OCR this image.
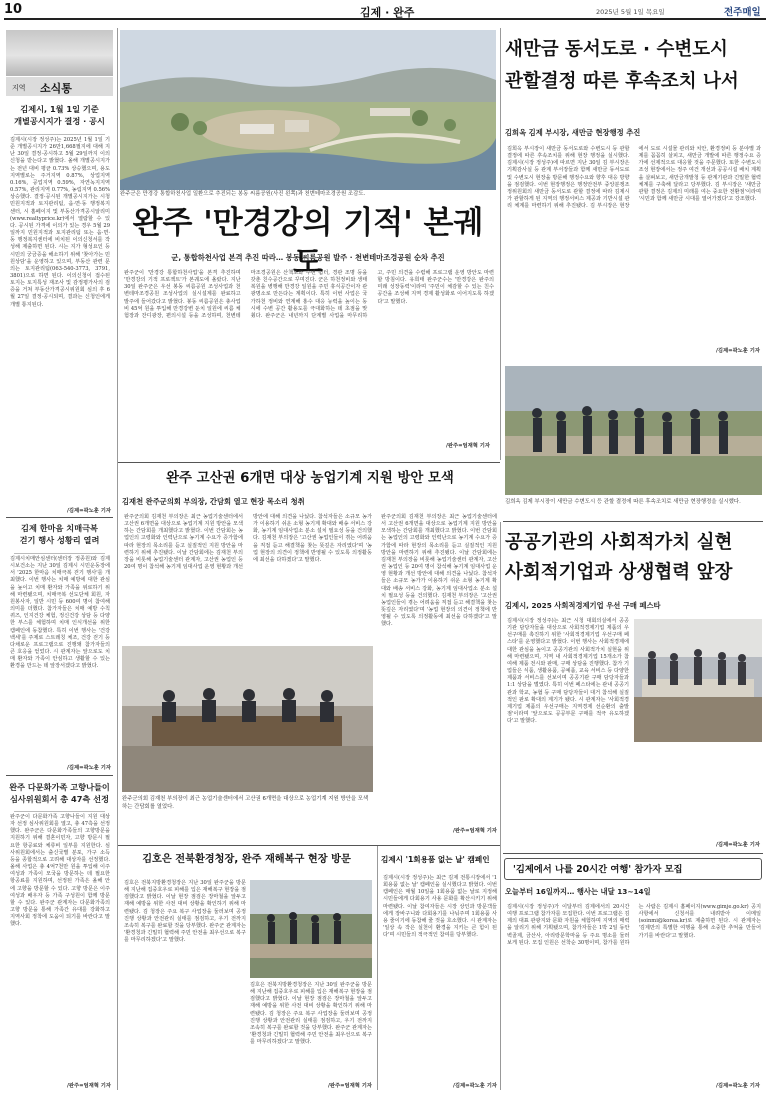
10	김제 · 완주	2025년 5월 1일 목요일	전주매일
지역 소식통
김제시, 1월 1일 기준
개별공시지가 결정 · 공시
김제시(시장 정성주)는 2025년 1월 1일 기준 개별공시지가 26만1,668필지에 대해 지난 30일 결정·공시하고 5월 29일까지 이의신청을 받는다고 밝혔다. 올해 개별공시지가는 전년 대비 평균 0.73% 상승했으며, 용도지역별로는 주거지역 0.87%, 상업지역 0.16%, 공업지역 0.59%, 자연녹지지역 0.57%, 관리지역 0.77%, 농림지역 0.56% 상승했다. 결정·공시된 개별공시지가는 시청 민원지적과 토지관리팀, 읍·면·동 행정복지센터, 시 홈페이지 및 부동산가격공시알리미(www.realtyprice.kr)에서 열람할 수 있다. 공시된 가격에 이의가 있는 경우 5월 29일까지 민원지적과 토지관리팀 또는 읍·면·동 행정복지센터에 비치된 이의신청서를 작성해 제출하면 된다. 시는 지가 형성요인 등 시민의 궁금증을 해소하기 위해 '찾아가는 민원상담'을 운영하고 있으며, 부동산 관련 문의는 토지관리팀(063-540-3773, 3791, 3801)으로 하면 된다. 이의신청이 접수된 토지는 토지특성 재조사 및 감정평가사의 검증을 거쳐 부동산가격공시위원회 심의 후 6월 27일 결정·공시되며, 결과는 신청인에게 개별 통지된다.
/김제=곽노훈 기자
김제 한마음 치매극복
걷기 행사 성황리 열려
김제시치매안심센터(센터장 정종원)와 김제시보건소는 지난 30일 김제시 시민운동장에서 '2025 한마음 치매극복 걷기 행사'를 개최했다. 이번 행사는 치매 예방에 대한 관심을 높이고 치매 환자와 가족을 위로하기 위해 마련됐으며, 치매극복 선도단체 회원, 자원봉사자, 일반 시민 등 600여 명이 참여해 의미를 더했다. 참가자들은 치매 예방 수칙 퀴즈, 인지건강 체험, 정신건강 상담 등 다양한 부스를 체험하며 치매 인식개선을 위한 캠페인에 동참했다. 특히 이번 행사는 '건강백세'를 주제로 스트레칭 체조, 건강 걷기 등 다채로운 프로그램으로 진행돼 참가자들의 큰 호응을 얻었다. 시 관계자는 앞으로도 치매 환자와 가족이 안심하고 생활할 수 있는 환경을 만드는 데 앞장서겠다고 밝혔다.
/김제=곽노훈 기자
완주 다문화가족 고향나들이
심사위원회서 총 47측 선정
완주군이 다문화가족 고향나들이 지원 대상자 선정 심사위원회를 열고, 총 47측을 선정했다. 완주군은 다문화가족들의 고향방문을 지원하기 위해 결혼이민자, 고향 방문시 필요한 항공료와 체류비 일부를 지원한다. 심사위원회에서는 출신국별 분포, 가구 소득 등을 종합적으로 고려해 대상자를 선정했다. 올해 사업은 총 4억7천만 원을 투입해 이주 여성과 가족이 모국을 방문하는 데 필요한 항공료를 지원하며, 선정된 가족은 올해 안에 고향을 방문할 수 있다. 고향 방문은 이주여성과 배우자 등 가족 구성원이 함께 방문할 수 있다. 완주군 관계자는 다문화가족의 고향 방문을 통해 가족간 유대를 강화하고 지역사회 정착에 도움이 되기를 바란다고 말했다.
/완주=엄재혁 기자
완주군은 만경강 통합하천사업 일환으로 추진되는 봉동 씨름공원(사진 왼쪽)과 천변테마조경공원 조감도.
완주 '만경강의 기적' 본궤도
군, 통합하천사업 본격 추진 따라… 봉동 씨름공원 발주 · 천변테마조경공원 순차 추진
완주군이 '만경강 통합하천사업'을 본격 추진하며 '만경강의 기적 프로젝트'가 본궤도에 올랐다. 지난 30일 완주군은 우선 봉동 씨름공원 조성사업과 천변테마조경공원 조성사업의 실시설계를 완료하고 발주에 들어갔다고 밝혔다. 봉동 씨름공원은 총사업비 45억 원을 투입해 만경강변 둔치 일원에 씨름 체험장과 잔디광장, 편의시설 등을 조성하며, 천변테마조경공원은 산책로와 수변 쉼터, 경관 조명 등을 갖춘 친수공간으로 꾸며진다. 군은 하천정비와 생태복원을 병행해 만경강 일원을 주민 휴식공간이자 관광명소로 만든다는 계획이다. 특히 이번 사업은 국가하천 정비와 연계해 홍수 대응 능력을 높이는 동시에 수변 공간 활용도를 극대화하는 데 초점을 맞췄다. 완주군은 내년까지 단계별 사업을 마무리하고, 주민 의견을 수렴해 프로그램 운영 방안도 마련할 방침이다. 유희태 완주군수는 '만경강은 완주의 미래 성장동력'이라며 '주민이 체감할 수 있는 친수 공간을 조성해 지역 경제 활성화로 이어지도록 하겠다'고 말했다.
/완주=엄재혁 기자
새만금 동서도로 · 수변도시
관할결정 따른 후속조치 나서
김희옥 김제 부시장, 새만금 현장행정 추진
김희옥 부시장이 새만금 동서도로와 수변도시 등 관할 결정에 따른 후속조치를 위해 현장 행정을 실시했다. 김제시(시장 정성주)에 따르면 지난 30일 김 부시장은 기획감사실 등 관계 부서장들과 함께 새만금 동서도로 및 수변도시 현장을 방문해 행정수요와 향후 대응 방향을 점검했다. 이번 현장행정은 행정안전부 중앙분쟁조정위원회의 새만금 동서도로 관할 결정에 따라 김제시가 관할하게 된 지역의 행정서비스 제공과 기반시설 관리 체계를 마련하기 위해 추진됐다. 김 부시장은 현장에서 도로 시설물 관리와 치안, 환경정비 등 분야별 과제를 꼼꼼히 살피고, 새만금 개발에 따른 행정수요 증가에 선제적으로 대응할 것을 주문했다. 또한 수변도시 조성 현장에서는 정주 여건 개선과 공공시설 배치 계획을 살펴보고, 새만금개발청 등 관계기관과 긴밀한 협력체계를 구축해 달라고 당부했다. 김 부시장은 '새만금 관할 결정은 김제의 미래를 여는 중요한 전환점'이라며 '시민과 함께 새만금 시대를 열어가겠다'고 강조했다.
/김제=곽노훈 기자
김희옥 김제 부시장이 새만금 수변도시 등 관할 결정에 따른 후속조치로 새만금 현장행정을 실시했다.
공공기관의 사회적가치 실현
사회적기업과 상생협력 앞장
김제시, 2025 사회적경제기업 우선 구매 페스타
김제시(시장 정성주)는 최근 시청 대회의실에서 공공기관 담당자들을 대상으로 사회적경제기업 제품의 우선구매를 촉진하기 위한 '사회적경제기업 우선구매 페스타'를 운영했다고 밝혔다. 이번 행사는 사회적경제에 대한 관심을 높이고 공공기관의 사회적가치 실현을 위해 마련됐으며, 지역 내 사회적경제기업 15개소가 참여해 제품 전시와 판매, 구매 상담을 진행했다. 참가 기업들은 식품, 생활용품, 공예품, 교육 서비스 등 다양한 제품과 서비스를 선보이며 공공기관 구매 담당자들과 1:1 상담을 벌였다. 특히 이번 페스타에는 관내 공공기관과 학교, 농협 등 구매 담당자들이 대거 참석해 실질적인 판로 확대의 계기가 됐다. 시 관계자는 '사회적경제기업 제품의 우선구매는 지역경제 선순환의 출발점'이라며 '앞으로도 공공부문 구매를 적극 유도하겠다'고 말했다.
/김제=곽노훈 기자
완주 고산권 6개면 대상 농업기계 지원 방안 모색
김재천 완주군의회 부의장, 간담회 열고 현장 목소리 청취
완주군의회 김재천 부의장은 최근 농업기술센터에서 고산권 6개면을 대상으로 농업기계 지원 방안을 모색하는 간담회를 개최했다고 밝혔다. 이번 간담회는 농업인의 고령화와 인력난으로 농기계 수요가 증가함에 따라 현장의 목소리를 듣고 실질적인 지원 방안을 마련하기 위해 추진됐다. 이날 간담회에는 김재천 부의장을 비롯해 농업기술센터 관계자, 고산권 농업인 등 20여 명이 참석해 농기계 임대사업 운영 현황과 개선 방안에 대해 의견을 나눴다. 참석자들은 소규모 농가가 이용하기 쉬운 소형 농기계 확대와 배송 서비스 강화, 농기계 임대사업소 분소 설치 필요성 등을 건의했다. 김재천 부의장은 '고산권 농업인들이 겪는 어려움을 직접 듣고 해결책을 찾는 뜻깊은 자리였다'며 '농업 현장의 의견이 정책에 반영될 수 있도록 의정활동에 최선을 다하겠다'고 말했다.
완주군의회 김재천 부의장은 최근 농업기술센터에서 고산권 6개면을 대상으로 농업기계 지원 방안을 모색하는 간담회를 개최했다고 밝혔다. 이번 간담회는 농업인의 고령화와 인력난으로 농기계 수요가 증가함에 따라 현장의 목소리를 듣고 실질적인 지원 방안을 마련하기 위해 추진됐다. 이날 간담회에는 김재천 부의장을 비롯해 농업기술센터 관계자, 고산권 농업인 등 20여 명이 참석해 농기계 임대사업 운영 현황과 개선 방안에 대해 의견을 나눴다. 참석자들은 소규모 농가가 이용하기 쉬운 소형 농기계 확대와 배송 서비스 강화, 농기계 임대사업소 분소 설치 필요성 등을 건의했다. 김재천 부의장은 '고산권 농업인들이 겪는 어려움을 직접 듣고 해결책을 찾는 뜻깊은 자리였다'며 '농업 현장의 의견이 정책에 반영될 수 있도록 의정활동에 최선을 다하겠다'고 말했다.
완주군의회 김재천 부의장이 최근 농업기술센터에서 고산권 6개면을 대상으로 농업기계 지원 방안을 모색하는 간담회를 열었다.
/완주=엄재혁 기자
김호은 전북환경청장, 완주 재해복구 현장 방문
김호은 전북지방환경청장은 지난 30일 완주군을 방문해 지난해 집중호우로 피해를 입은 재해복구 현장을 점검했다고 밝혔다. 이날 현장 점검은 장마철을 앞두고 재해 예방을 위한 사전 대비 상황을 확인하기 위해 마련됐다. 김 청장은 주요 복구 사업장을 둘러보며 공정 진행 상황과 안전관리 실태를 점검하고, 우기 전까지 조속히 복구를 완료할 것을 당부했다. 완주군 관계자는 '환경청과 긴밀히 협력해 주민 안전을 최우선으로 복구를 마무리하겠다'고 말했다.
김호은 전북지방환경청장은 지난 30일 완주군을 방문해 지난해 집중호우로 피해를 입은 재해복구 현장을 점검했다고 밝혔다. 이날 현장 점검은 장마철을 앞두고 재해 예방을 위한 사전 대비 상황을 확인하기 위해 마련됐다. 김 청장은 주요 복구 사업장을 둘러보며 공정 진행 상황과 안전관리 실태를 점검하고, 우기 전까지 조속히 복구를 완료할 것을 당부했다. 완주군 관계자는 '환경청과 긴밀히 협력해 주민 안전을 최우선으로 복구를 마무리하겠다'고 말했다.
/완주=엄재혁 기자
김제시 '1회용품 없는 날' 캠페인
김제시(시장 정성주)는 최근 김제 전통시장에서 '1회용품 없는 날' 캠페인을 실시했다고 밝혔다. 이번 캠페인은 매월 10일을 1회용품 없는 날로 지정해 시민들에게 다회용기 사용 문화를 확산시키기 위해 마련됐다. 이날 참여자들은 시장 상인과 방문객들에게 장바구니와 다회용기를 나눠주며 1회용품 사용 줄이기에 동참해 줄 것을 호소했다. 시 관계자는 '일상 속 작은 실천이 환경을 지키는 큰 힘이 된다'며 시민들의 적극적인 참여를 당부했다.
/김제=곽노훈 기자
'김제에서 나를 20시간 여행' 참가자 모집
오늘부터 16일까지… 행사는 내달 13~14일
김제시(시장 정성주)가 이달부터 김제에서의 20시간 여행 프로그램 참가자를 모집한다. 이번 프로그램은 김제의 대표 관광지와 문화 자원을 체험하며 지역의 매력을 알리기 위해 기획됐으며, 참가자들은 1박 2일 동안 벽골제, 금산사, 아리랑문학마을 등 주요 명소를 둘러보게 된다. 모집 인원은 선착순 30명이며, 참가를 원하는 사람은 김제시 홈페이지(www.gimje.go.kr) 공지사항에서 신청서를 내려받아 이메일(soinmi@korea.kr)로 제출하면 된다. 시 관계자는 '김제만의 특별한 여행을 통해 소중한 추억을 만들어 가기를 바란다'고 말했다.
/김제=곽노훈 기자
